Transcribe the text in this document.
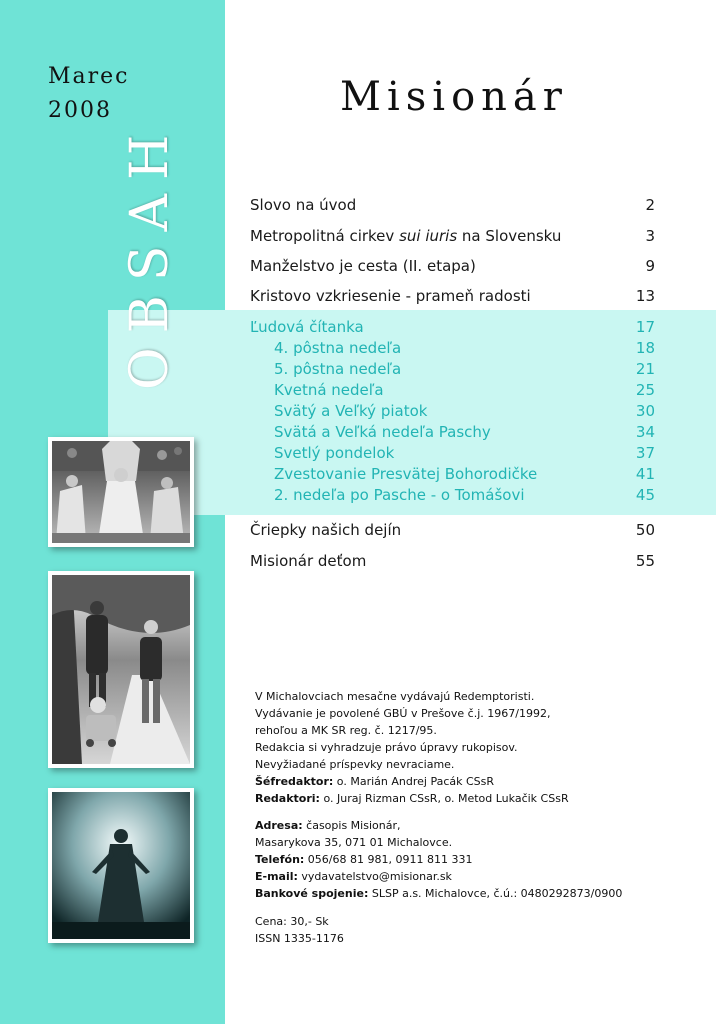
Marec
2008	Misionár
OBSAH	Slovo na úvod	2
Metropolitná cirkev sui iuris na Slovensku	3
Manželstvo je cesta (II. etapa)	9
Kristovo vzkriesenie - prameň radosti	13
Ľudová čítanka	17
4. pôstna nedeľa	18
5. pôstna nedeľa	21
Kvetná nedeľa	25
Svätý a Veľký piatok	30
Svätá a Veľká nedeľa Paschy	34
Svetlý pondelok	37
Zvestovanie Presvätej Bohorodičke	41
2. nedeľa po Pasche - o Tomášovi	45
Čriepky našich dejín	50
Misionár deťom	55
V Michalovciach mesačne vydávajú Redemptoristi.
Vydávanie je povolené GBÚ v Prešove č.j. 1967/1992,
rehoľou a MK SR reg. č. 1217/95.
Redakcia si vyhradzuje právo úpravy rukopisov.
Nevyžiadané príspevky nevraciame.
Šéfredaktor: o. Marián Andrej Pacák CSsR
Redaktori: o. Juraj Rizman CSsR, o. Metod Lukačik CSsR
Adresa: časopis Misionár,
Masarykova 35, 071 01 Michalovce.
Telefón: 056/68 81 981, 0911 811 331
E-mail: vydavatelstvo@misionar.sk
Bankové spojenie: SLSP a.s. Michalovce, č.ú.: 0480292873/0900
Cena: 30,- Sk
ISSN 1335-1176
